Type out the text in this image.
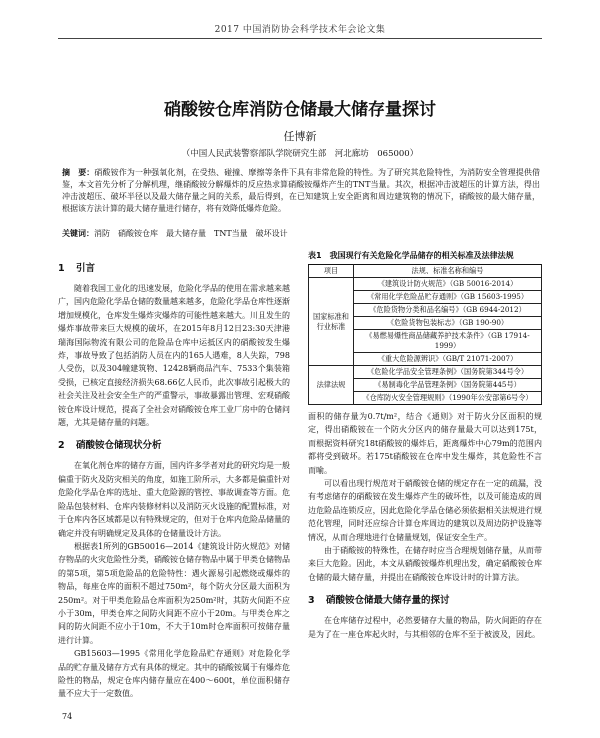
2017 中国消防协会科学技术年会论文集
硝酸铵仓库消防仓储最大储存量探讨
任博新
（中国人民武装警察部队学院研究生部　河北廊坊　065000）
摘　要：硝酸铵作为一种强氧化剂，在受热、碰撞、摩擦等条件下具有非常危险的特性。为了研究其危险特性，为消防安全管理提供借鉴，本文首先分析了分解机理，继硝酸铵分解爆炸的反应热求算硝酸铵爆炸产生的TNT当量。其次，根据冲击波超压的计算方法，得出冲击波超压、破坏半径以及最大储存量之间的关系，最后得到，在已知建筑上安全距离和周边建筑物的情况下，硝酸铵的最大储存量，根据该方法计算的最大储存量进行储存，将有效降低爆炸危险。
关键词：消防　硝酸铵仓库　最大储存量　TNT当量　破坏设计
1 引言

随着我国工业化的迅速发展，危险化学品的使用在需求越来越广，国内危险化学品仓储的数量越来越多，危险化学品仓库性逐渐增加规模化，仓库发生爆炸灾爆炸的可能性越来越大。川且发生的爆炸事故带来巨大规模的破坏，在2015年8月12日23:30天津港瑞海国际物流有限公司的危险品仓库中运抵区内的硝酸铵发生爆炸，事故导致了包括消防人员在内的165人遇难，8人失踪，798人受伤，以及304幢建筑物、12428辆商品汽车、7533个集装箱受损，已核定直接经济损失68.66亿人民币，此次事故引起极大的社会关注及社会安全生产的严重警示，事故暴露出管理、宏观硝酸铵仓库设计规范，提高了全社会对硝酸铵仓库工业厂房中的仓储问题，尤其是储存量的问题。

2 硝酸铵仓储现状分析

在氧化剂仓库的储存方面，国内许多学者对此的研究均是一般偏重于防火及防灾相关的角度，如施工阶所示，大多都是偏重针对危险化学品仓库的选址、重大危险源的管控、事故调查等方面。危险品包装材料、仓库内装修材料以及消防灭火设施的配置标准，对于仓库内各区域都是以有特殊规定的，但对于仓库内危险品储量的确定并没有明确规定及具体的仓储量设计方法。

根据表1所列的GB50016—2014《建筑设计防火规范》对储存物品的火灾危险性分类，硝酸铵仓储存物品中属于甲类仓储物品的第5项，第5项危险品的危险特性：遇火源易引起燃烧或爆炸的物品，每座仓库的面积不超过750m²，每个防火分区最大面积为250m²。对于甲类危险品仓库面积为250m²时，其防火间距不应小于30m，甲类仓库之间防火间距不应小于20m。与甲类仓库之间的防火间距不应小于10m，不大于10m时仓库面积可按储存量进行计算。

GB15603—1995《常用化学危险品贮存通则》对危险化学品的贮存量及储存方式有具体的规定。其中的硝酸铵属于有爆炸危险性的物品，规定仓库内储存量应在400～600t，单位面积储存量不应大于一定数值。

表1　我国现行有关危险化学品储存的相关标准及法律法规
项目	法规、标准名称和编号
国家标准和行业标准	《建筑设计防火规范》（GB 50016-2014）
	《常用化学危险品贮存通则》（GB 15603-1995）
	《危险货物分类和品名编号》（GB 6944-2012）
	《危险货物包装标志》（GB 190-90）
	《易燃易爆性商品储藏养护技术条件》（GB 17914-1999）
	《重大危险源辨识》（GB/T 21071-2007）
法律法规	《危险化学品安全管理条例》（国务院第344号令）
	《易制毒化学品管理条例》（国务院第445号）
	《仓库防火安全管理规则》（1990年公安部第6号令）

面积的储存量为0.7t/m²，结合《通则》对于防火分区面积的规定，得出硝酸铵在一个防火分区内的储存量最大可以达到175t，而根据资料研究18t硝酸铵的爆炸后，距离爆炸中心79m的范围内都将受到破坏。若175t硝酸铵在仓库中发生爆炸，其危险性不言而喻。

可以看出现行规范对于硝酸铵仓储的规定存在一定的疏漏，没有考虑储存的硝酸铵在发生爆炸产生的破坏性，以及可能造成的周边危险品连锁反应，因此危险化学品仓储必须依据相关法规进行规范化管理，同时还应综合计算仓库周边的建筑以及周边防护设施等情况，从而合理地进行仓储量规划，保证安全生产。

由于硝酸铵的特殊性，在储存时应当合理规划储存量，从而带来巨大危险。因此，本文从硝酸铵爆炸机理出发，确定硝酸铵仓库仓储的最大储存量，并提出在硝酸铵仓库设计时的计算方法。

3 硝酸铵仓储最大储存量的探讨

在仓库储存过程中，必然要储存大量的物品，防火间距的存在是为了在一座仓库起火时，与其相邻的仓库不至于被波及，因此。

74
